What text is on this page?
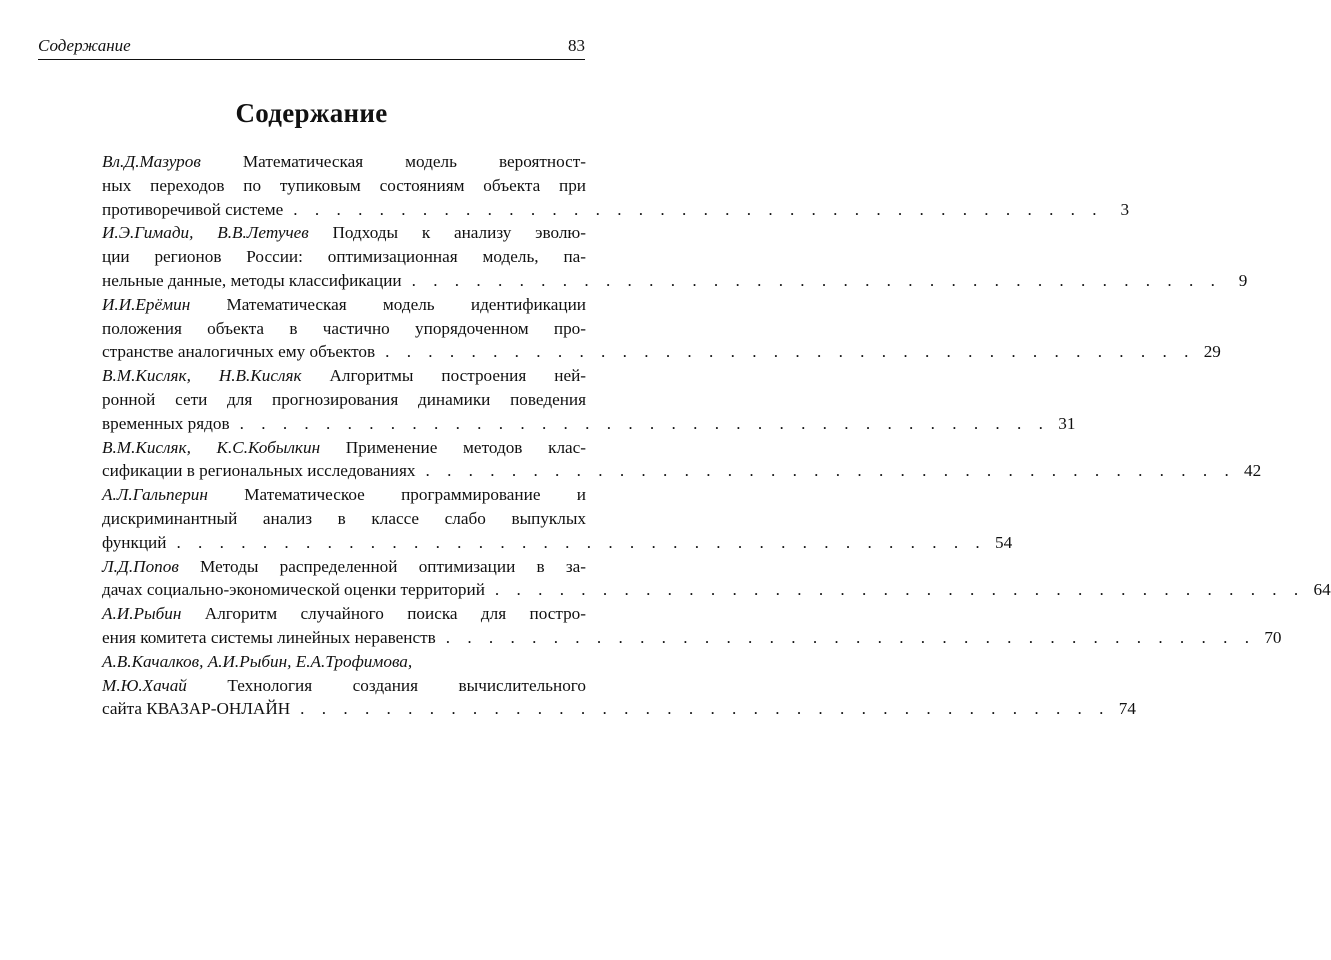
Содержание	83
Содержание
Вл.Д.Мазуров Математическая модель вероятност-
ных переходов по тупиковым состояниям объекта при
противоречивой системе . . . . . . . . . . . . . . . . . . . . . . . . . . . . . . . . . . . . . .	3
И.Э.Гимади, В.В.Летучев Подходы к анализу эволю-
ции регионов России: оптимизационная модель, па-
нельные данные, методы классификации . . . . . . . . . . . . . . . . . . . . . . . . . . . . . . . . . . . . . .	9
И.И.Ерёмин Математическая модель идентификации
положения объекта в частично упорядоченном про-
странстве аналогичных ему объектов . . . . . . . . . . . . . . . . . . . . . . . . . . . . . . . . . . . . . . 29
В.М.Кисляк, Н.В.Кисляк Алгоритмы построения ней-
ронной сети для прогнозирования динамики поведения
временных рядов . . . . . . . . . . . . . . . . . . . . . . . . . . . . . . . . . . . . . . 31
В.М.Кисляк, К.С.Кобылкин Применение методов клас-
сификации в региональных исследованиях . . . . . . . . . . . . . . . . . . . . . . . . . . . . . . . . . . . . . . 42
А.Л.Гальперин Математическое программирование и
дискриминантный анализ в классе слабо выпуклых
функций . . . . . . . . . . . . . . . . . . . . . . . . . . . . . . . . . . . . . . 54
Л.Д.Попов Методы распределенной оптимизации в за-
дачах социально-экономической оценки территорий . . . . . . . . . . . . . . . . . . . . . . . . . . . . . . . . . . . . . . 64
А.И.Рыбин Алгоритм случайного поиска для постро-
ения комитета системы линейных неравенств . . . . . . . . . . . . . . . . . . . . . . . . . . . . . . . . . . . . . . 70
А.В.Качалков, А.И.Рыбин, Е.А.Трофимова,
М.Ю.Хачай Технология создания вычислительного
сайта КВАЗАР-ОНЛАЙН . . . . . . . . . . . . . . . . . . . . . . . . . . . . . . . . . . . . . . 74
